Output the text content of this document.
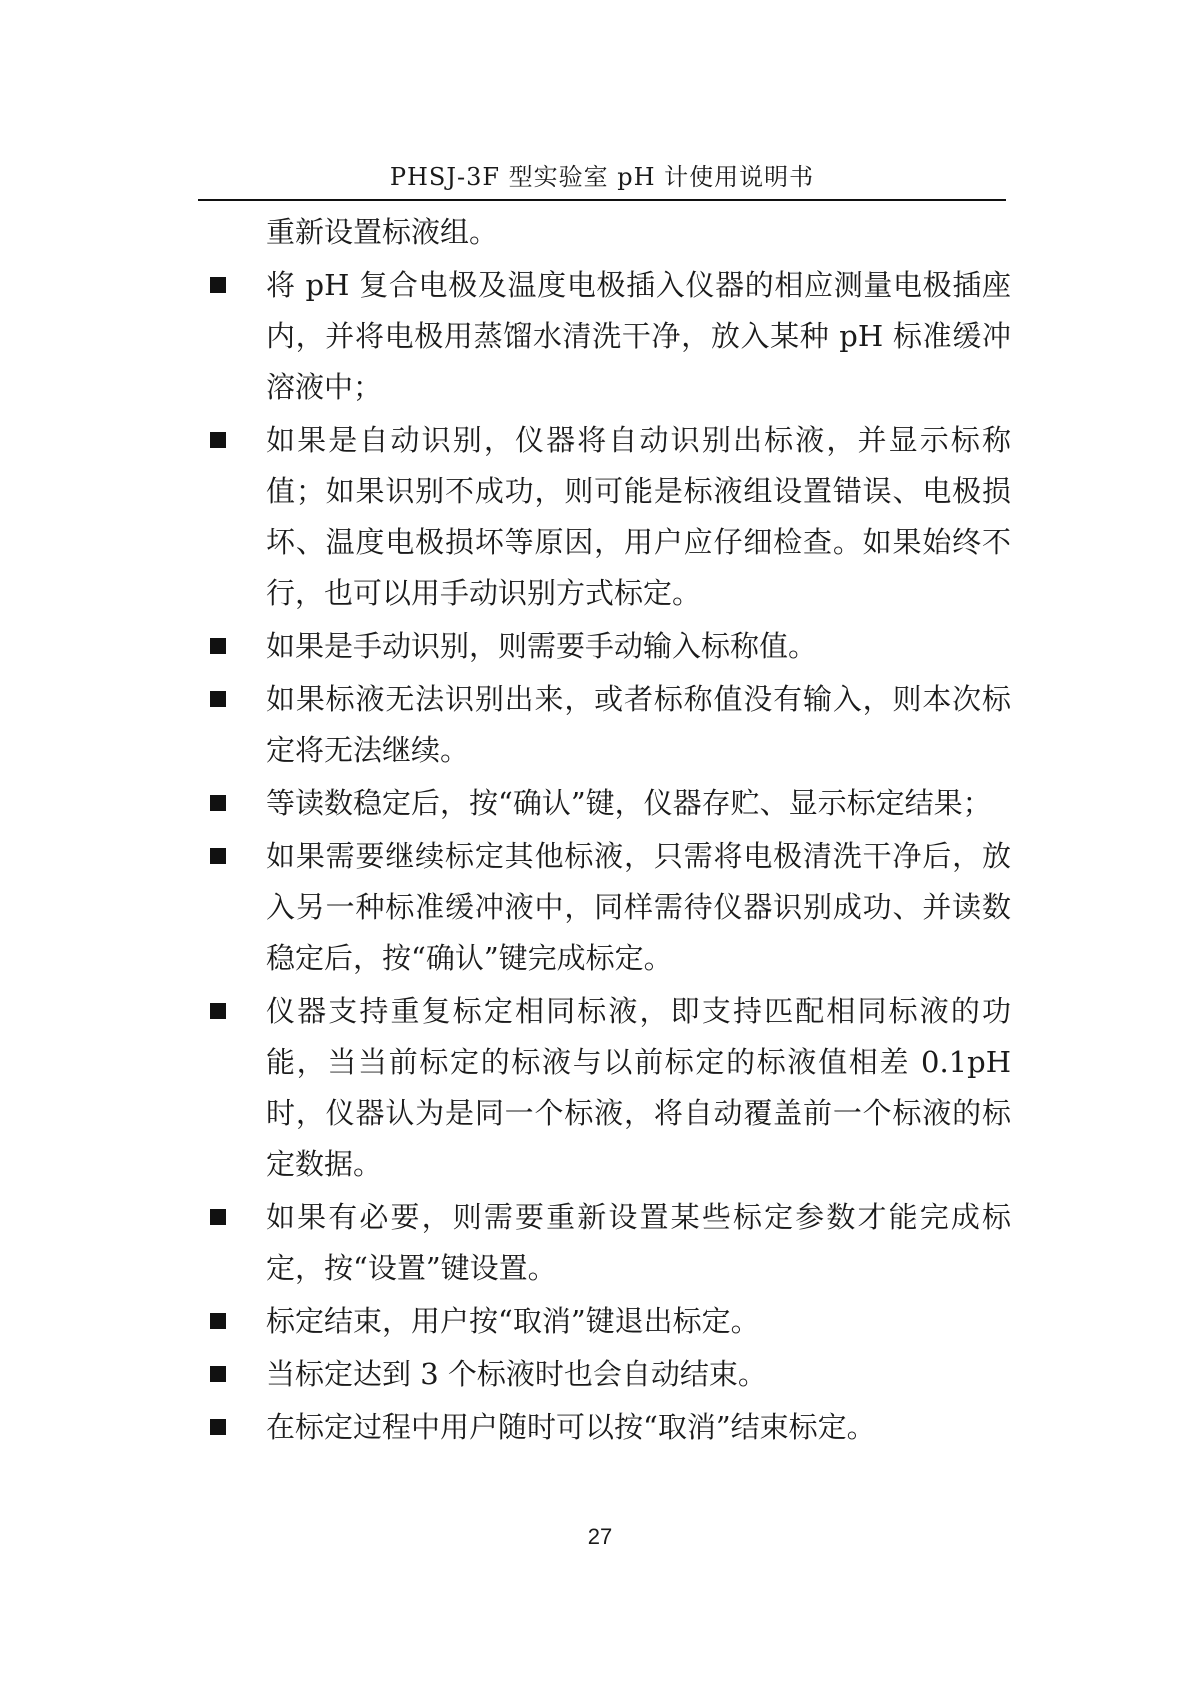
PHSJ-3F 型实验室 pH 计使用说明书
重新设置标液组。
将 pH 复合电极及温度电极插入仪器的相应测量电极插座内，并将电极用蒸馏水清洗干净，放入某种 pH 标准缓冲溶液中；
如果是自动识别，仪器将自动识别出标液，并显示标称值；如果识别不成功，则可能是标液组设置错误、电极损坏、温度电极损坏等原因，用户应仔细检查。如果始终不行，也可以用手动识别方式标定。
如果是手动识别，则需要手动输入标称值。
如果标液无法识别出来，或者标称值没有输入，则本次标定将无法继续。
等读数稳定后，按“确认”键，仪器存贮、显示标定结果；
如果需要继续标定其他标液，只需将电极清洗干净后，放入另一种标准缓冲液中，同样需待仪器识别成功、并读数稳定后，按“确认”键完成标定。
仪器支持重复标定相同标液，即支持匹配相同标液的功能，当当前标定的标液与以前标定的标液值相差 0.1pH 时，仪器认为是同一个标液，将自动覆盖前一个标液的标定数据。
如果有必要，则需要重新设置某些标定参数才能完成标定，按“设置”键设置。
标定结束，用户按“取消”键退出标定。
当标定达到 3 个标液时也会自动结束。
在标定过程中用户随时可以按“取消”结束标定。
27
